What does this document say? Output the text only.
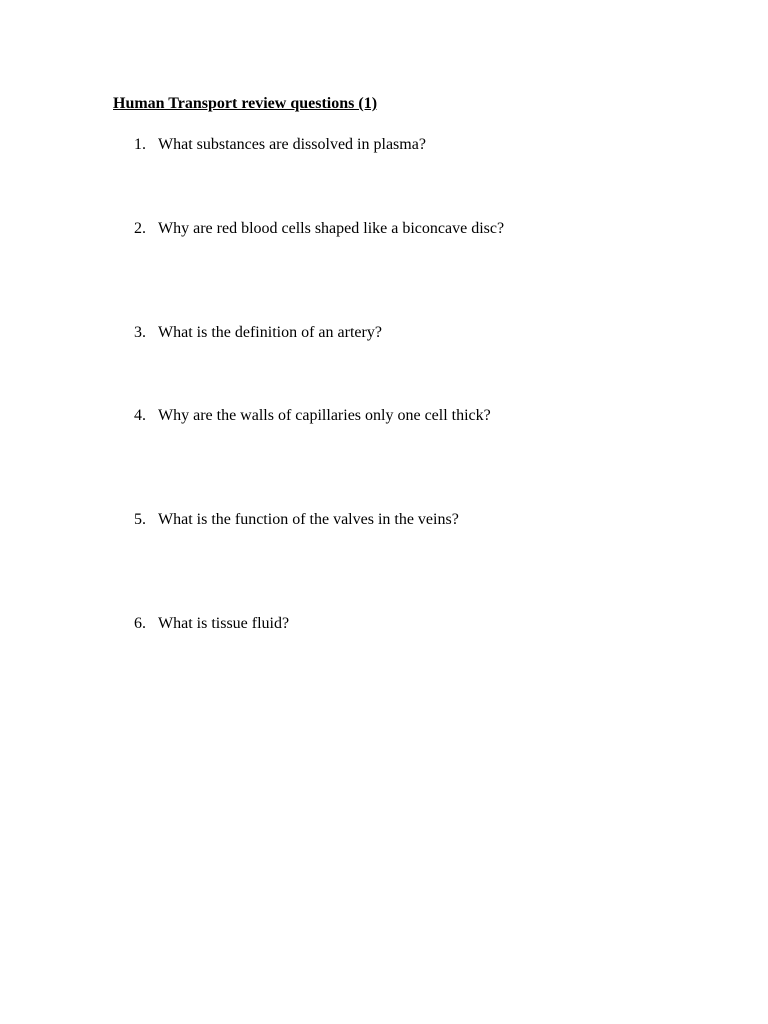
Human Transport review questions (1)
1. What substances are dissolved in plasma?
2. Why are red blood cells shaped like a biconcave disc?
3. What is the definition of an artery?
4. Why are the walls of capillaries only one cell thick?
5. What is the function of the valves in the veins?
6. What is tissue fluid?
